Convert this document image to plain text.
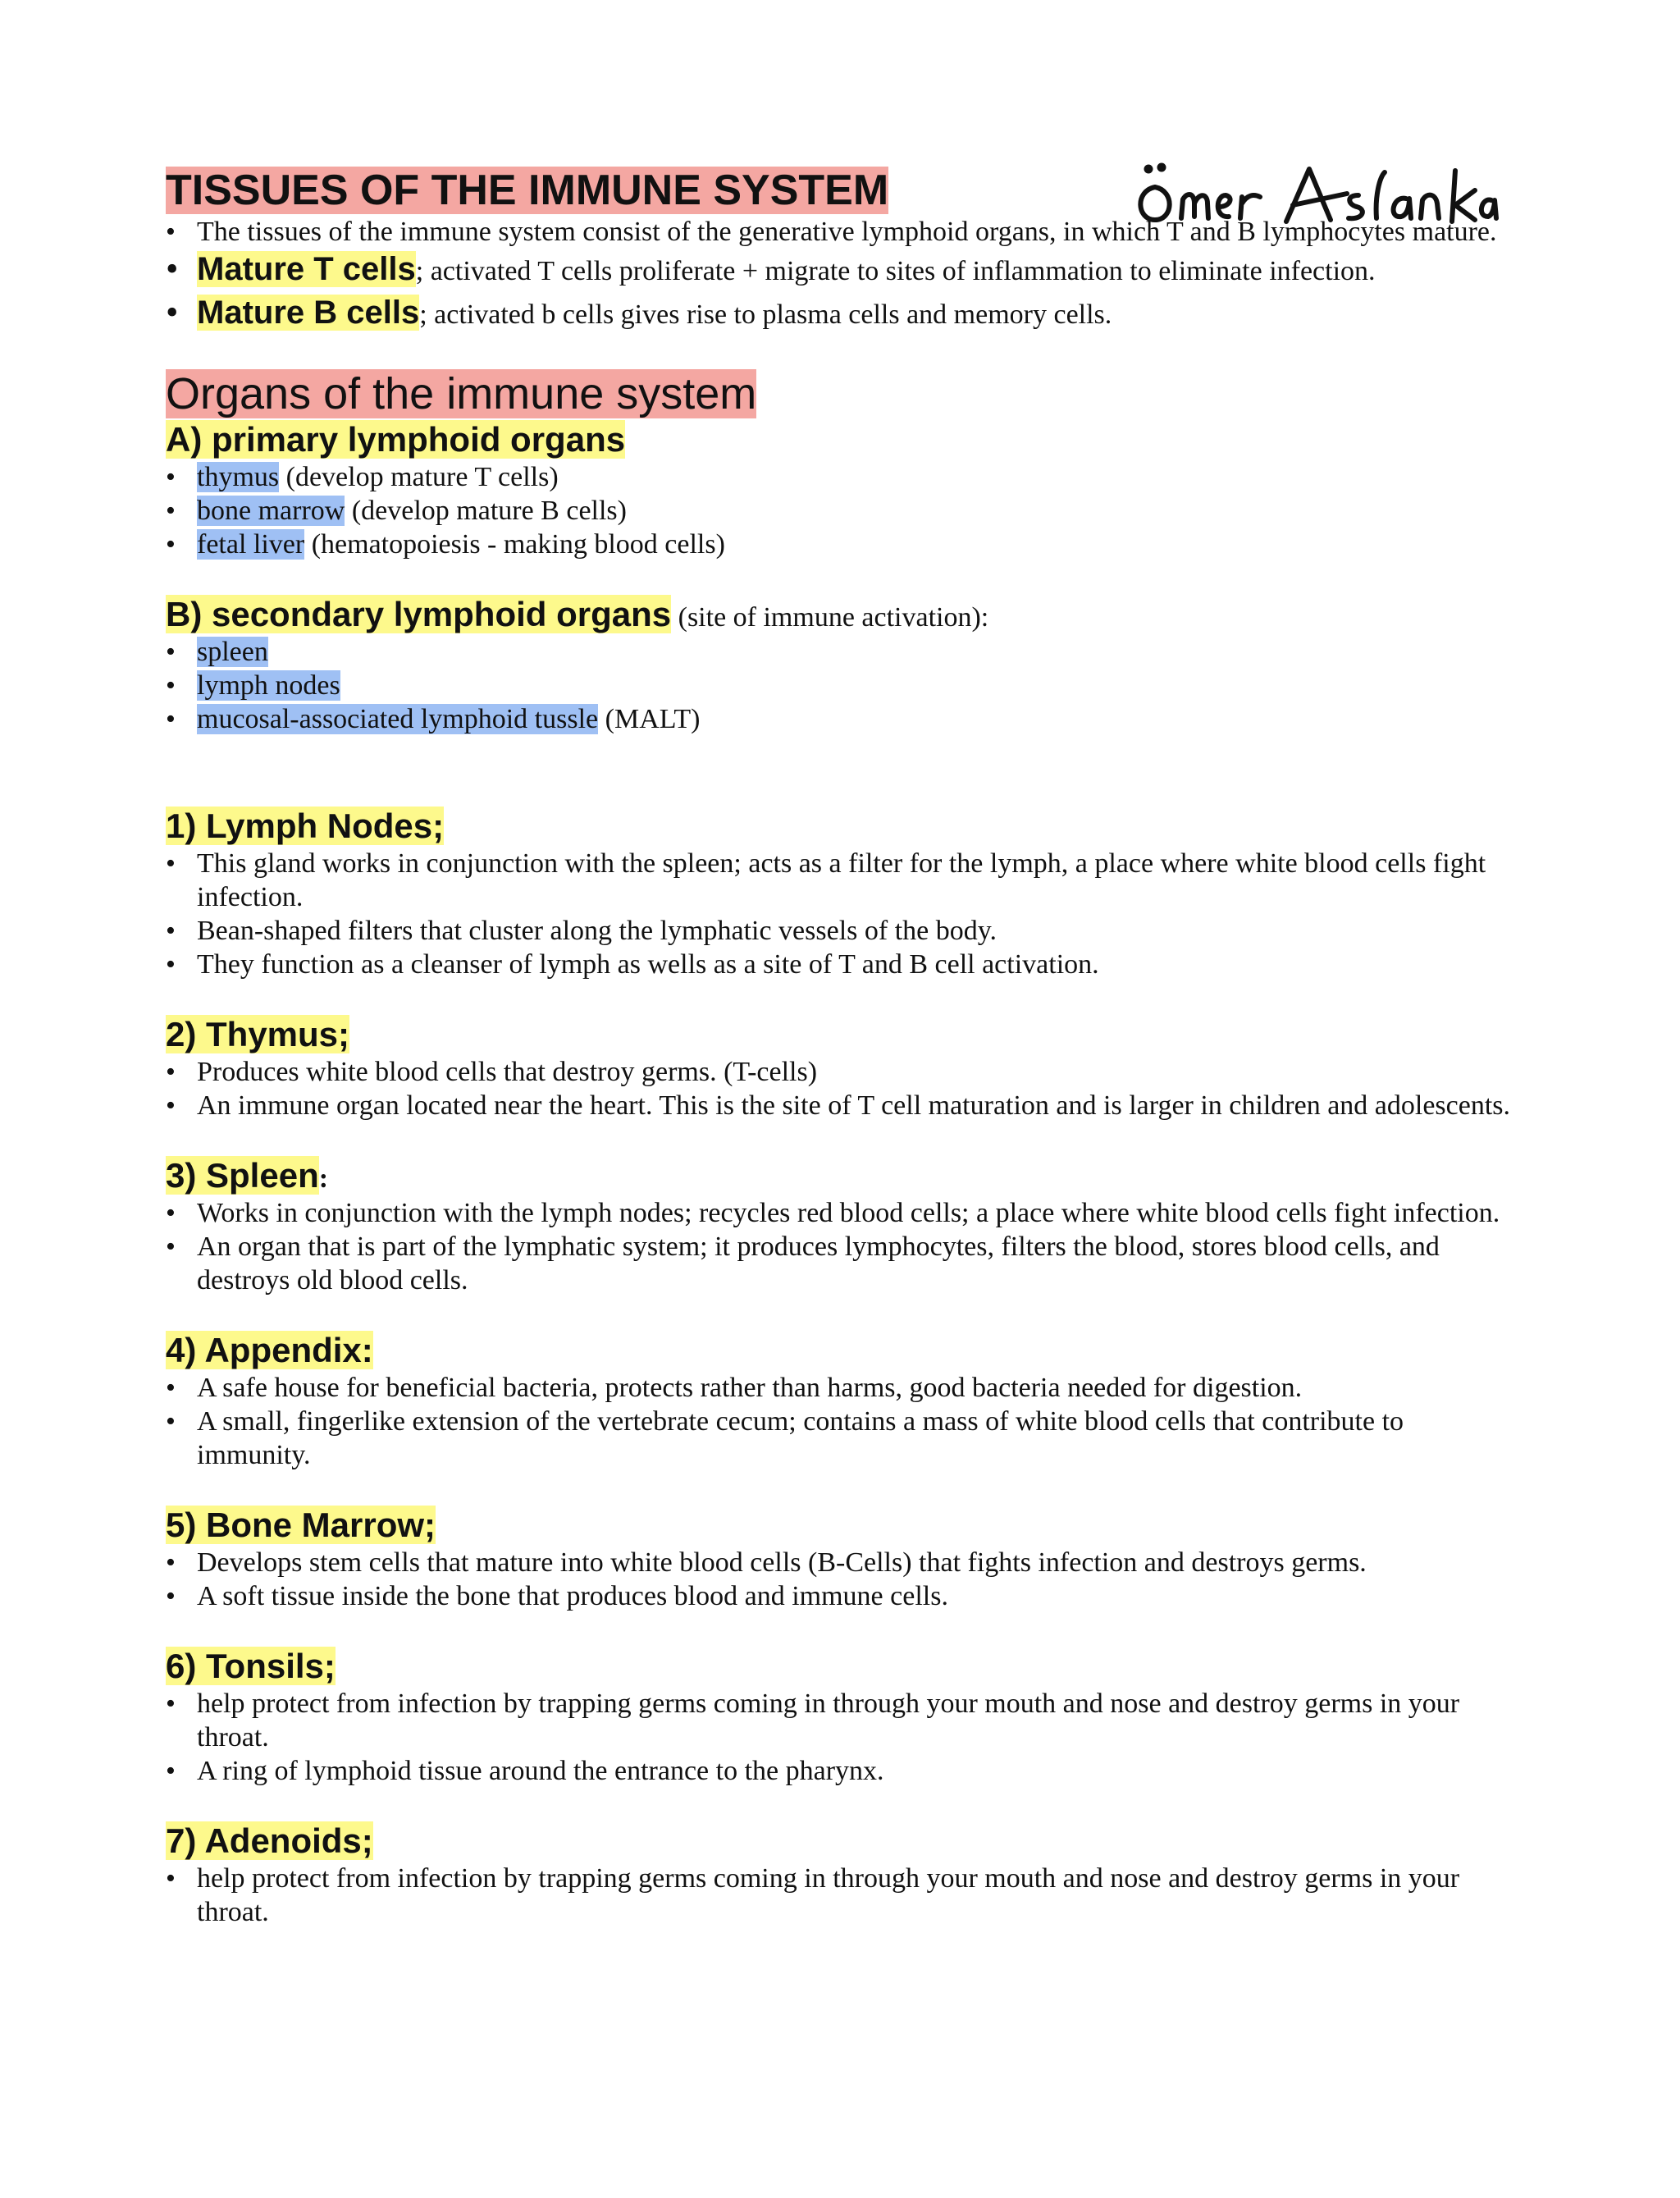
TISSUES OF THE IMMUNE SYSTEM
• The tissues of the immune system consist of the generative lymphoid organs, in which T and B lymphocytes mature.
• Mature T cells; activated T cells proliferate + migrate to sites of inflammation to eliminate infection.
• Mature B cells; activated b cells gives rise to plasma cells and memory cells.
Organs of the immune system
A) primary lymphoid organs
• thymus (develop mature T cells)
• bone marrow (develop mature B cells)
• fetal liver (hematopoiesis - making blood cells)
B) secondary lymphoid organs (site of immune activation):
• spleen
• lymph nodes
• mucosal-associated lymphoid tussle (MALT)
1) Lymph Nodes;
• This gland works in conjunction with the spleen; acts as a filter for the lymph, a place where white blood cells fight infection.
• Bean-shaped filters that cluster along the lymphatic vessels of the body.
• They function as a cleanser of lymph as wells as a site of T and B cell activation.
2) Thymus;
• Produces white blood cells that destroy germs. (T-cells)
• An immune organ located near the heart. This is the site of T cell maturation and is larger in children and adolescents.
3) Spleen:
• Works in conjunction with the lymph nodes; recycles red blood cells; a place where white blood cells fight infection.
• An organ that is part of the lymphatic system; it produces lymphocytes, filters the blood, stores blood cells, and destroys old blood cells.
4) Appendix:
• A safe house for beneficial bacteria, protects rather than harms, good bacteria needed for digestion.
• A small, fingerlike extension of the vertebrate cecum; contains a mass of white blood cells that contribute to immunity.
5) Bone Marrow;
• Develops stem cells that mature into white blood cells (B-Cells) that fights infection and destroys germs.
• A soft tissue inside the bone that produces blood and immune cells.
6) Tonsils;
• help protect from infection by trapping germs coming in through your mouth and nose and destroy germs in your throat.
• A ring of lymphoid tissue around the entrance to the pharynx.
7) Adenoids;
• help protect from infection by trapping germs coming in through your mouth and nose and destroy germs in your throat.
